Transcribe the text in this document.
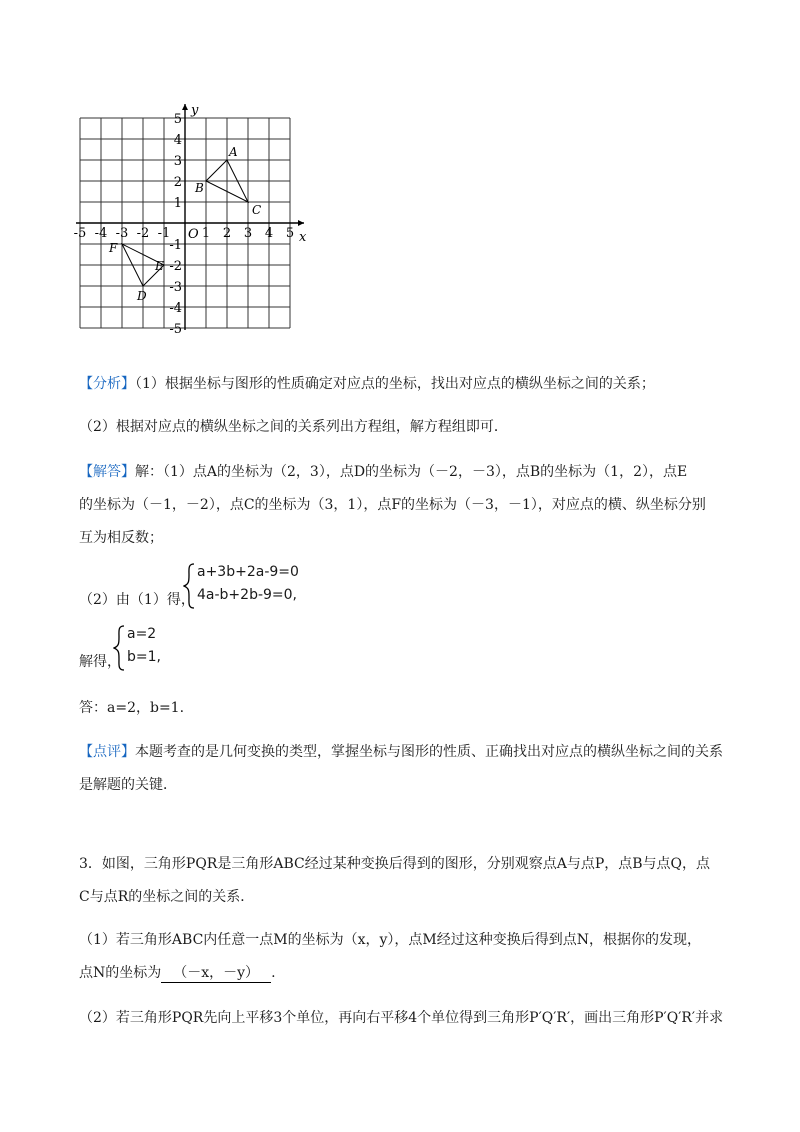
-5 -4 -3 -2 -1 1 2 3 4 5
5
4
3
2
1
-1
-2
-3
-4
-5
O	x
y
A
B
C
D
E
F
【分析】（1）根据坐标与图形的性质确定对应点的坐标，找出对应点的横纵坐标之间的关系；
（2）根据对应点的横纵坐标之间的关系列出方程组，解方程组即可．
【解答】解：（1）点A的坐标为（2，3），点D的坐标为（－2，－3），点B的坐标为（1，2），点E
的坐标为（－1，－2），点C的坐标为（3，1），点F的坐标为（－3，－1），对应点的横、纵坐标分别
互为相反数；
（2）由（1）得，
a+3b+2a-9=0
4a-b+2b-9=0,
解得，
a=2
b=1,
答：a=2，b=1.
【点评】本题考查的是几何变换的类型，掌握坐标与图形的性质、正确找出对应点的横纵坐标之间的关系
是解题的关键．
3．如图，三角形PQR是三角形ABC经过某种变换后得到的图形，分别观察点A与点P，点B与点Q，点
C与点R的坐标之间的关系．
（1）若三角形ABC内任意一点M的坐标为（x，y），点M经过这种变换后得到点N，根据你的发现，
点N的坐标为 （－x，－y） .
（2）若三角形PQR先向上平移3个单位，再向右平移4个单位得到三角形P′Q′R′，画出三角形P′Q′R′并求
